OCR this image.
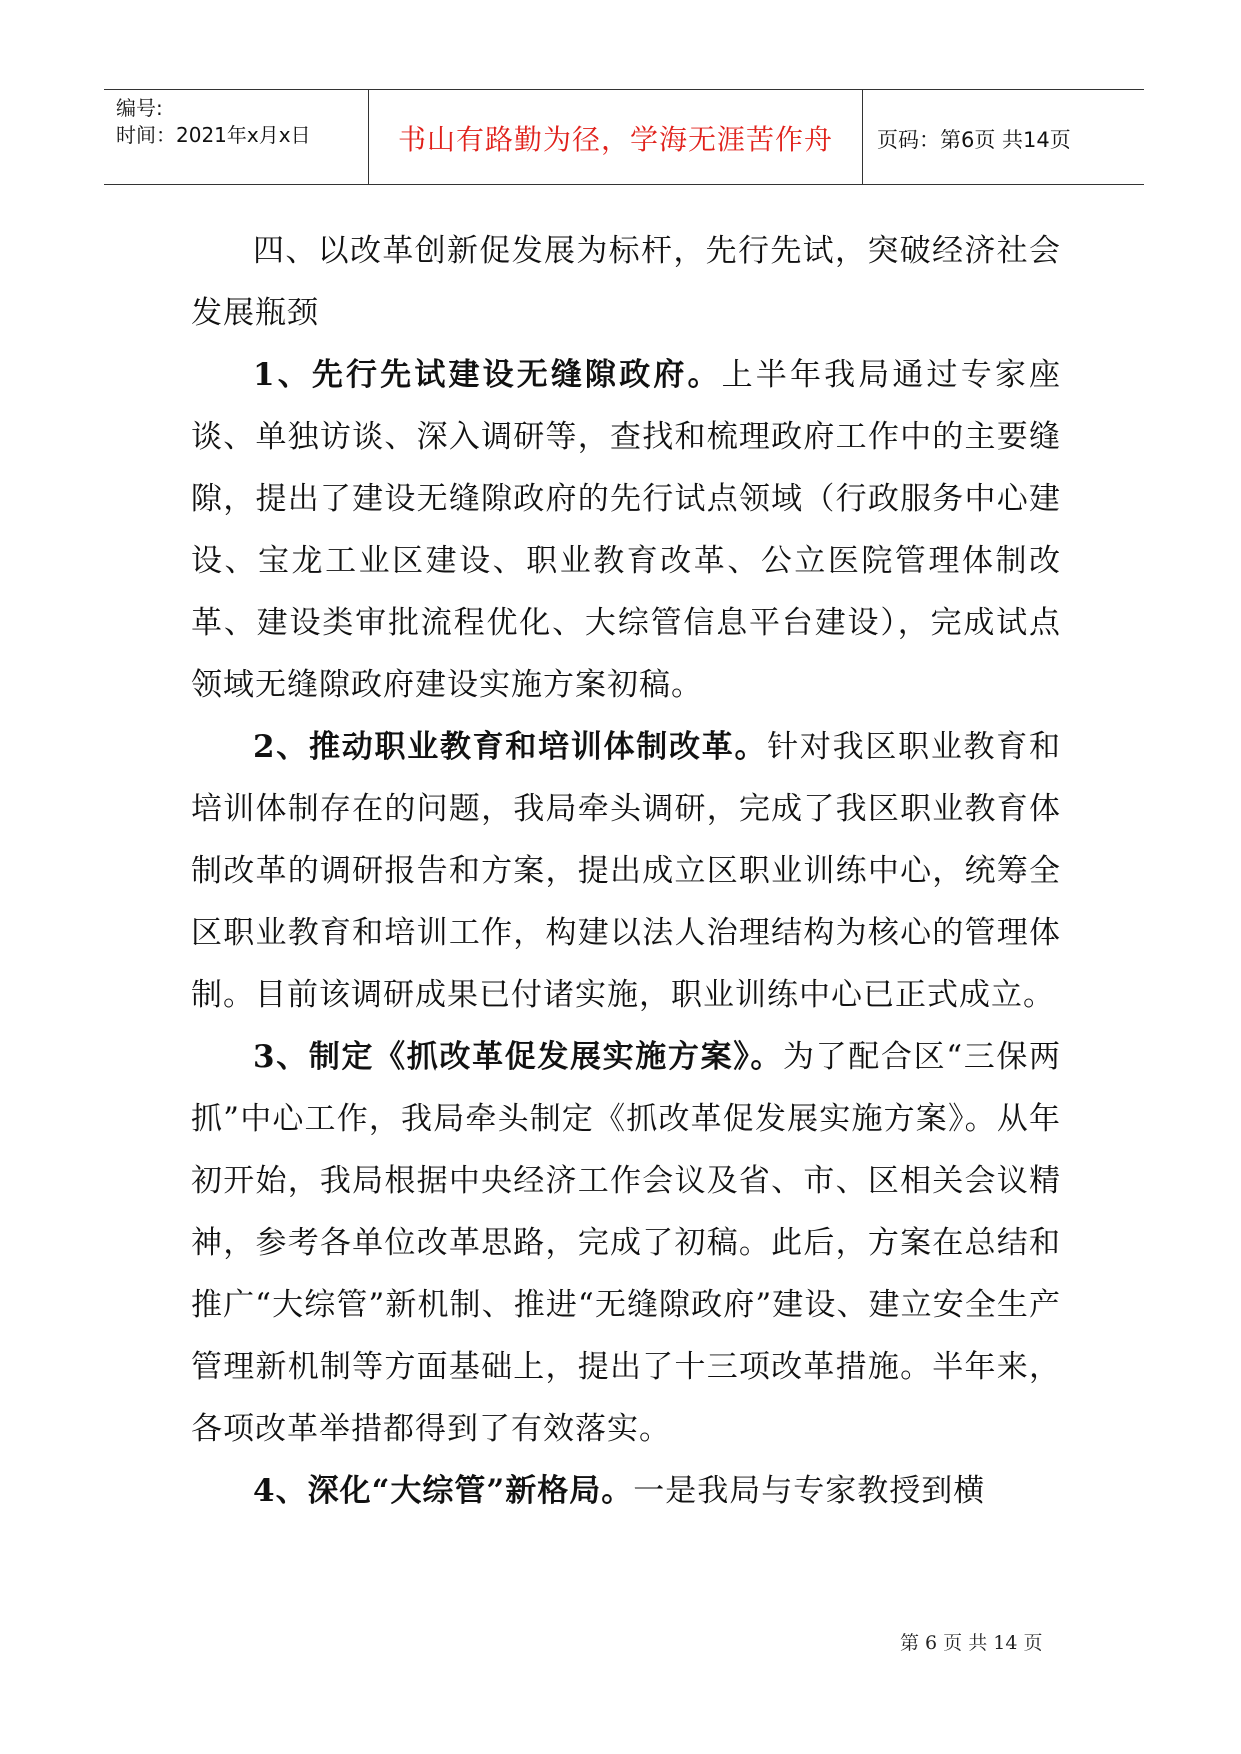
编号:
时间：2021年x月x日	书山有路勤为径，学海无涯苦作舟	页码：第6页 共14页

四、以改革创新促发展为标杆，先行先试，突破经济社会发展瓶颈

1、先行先试建设无缝隙政府。上半年我局通过专家座谈、单独访谈、深入调研等，查找和梳理政府工作中的主要缝隙，提出了建设无缝隙政府的先行试点领域（行政服务中心建设、宝龙工业区建设、职业教育改革、公立医院管理体制改革、建设类审批流程优化、大综管信息平台建设），完成试点领域无缝隙政府建设实施方案初稿。

2、推动职业教育和培训体制改革。针对我区职业教育和培训体制存在的问题，我局牵头调研，完成了我区职业教育体制改革的调研报告和方案，提出成立区职业训练中心，统筹全区职业教育和培训工作，构建以法人治理结构为核心的管理体制。目前该调研成果已付诸实施，职业训练中心已正式成立。

3、制定《抓改革促发展实施方案》。为了配合区“三保两抓”中心工作，我局牵头制定《抓改革促发展实施方案》。从年初开始，我局根据中央经济工作会议及省、市、区相关会议精神，参考各单位改革思路，完成了初稿。此后，方案在总结和推广“大综管”新机制、推进“无缝隙政府”建设、建立安全生产管理新机制等方面基础上，提出了十三项改革措施。半年来，各项改革举措都得到了有效落实。

4、深化“大综管”新格局。一是我局与专家教授到横

第 6 页 共 14 页
